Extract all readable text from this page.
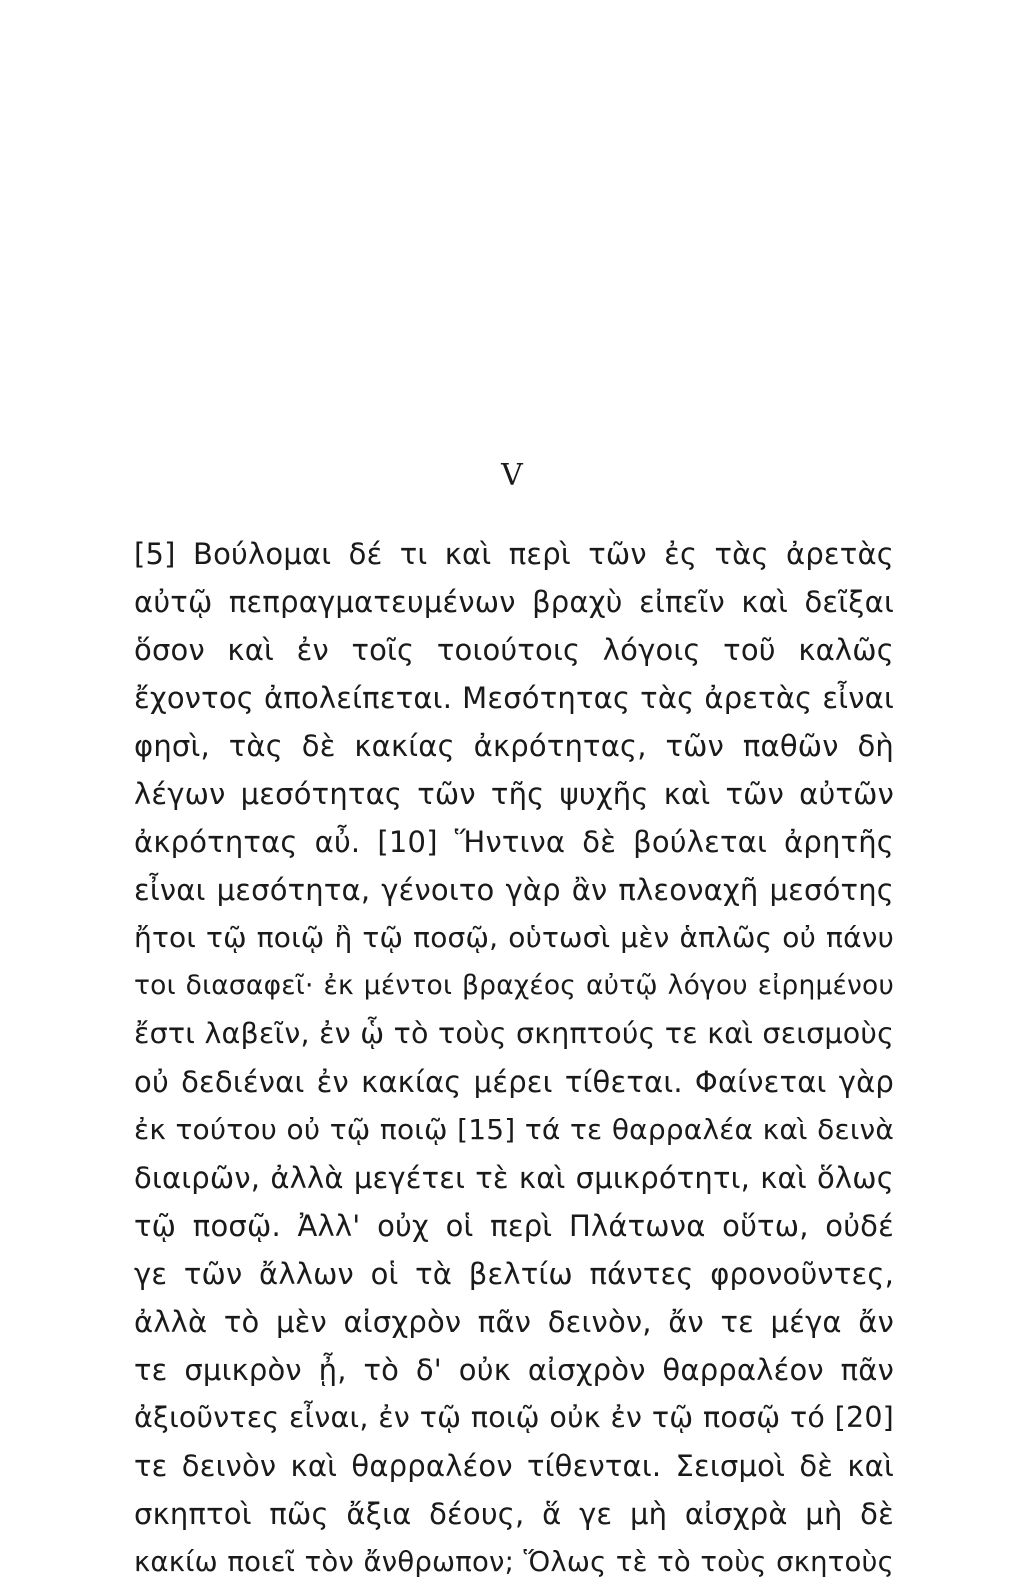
V
[5] Βούλομαι δέ τι καὶ περὶ τῶν ἐς τὰς ἀρετὰς
αὐτῷ πεπραγματευμένων βραχὺ εἰπεῖν καὶ δεῖξαι
ὅσον καὶ ἐν τοῖς τοιούτοις λόγοις τοῦ καλῶς
ἔχοντος ἀπολείπεται. Μεσότητας τὰς ἀρετὰς εἶναι
φησὶ, τὰς δὲ κακίας ἀκρότητας, τῶν παθῶν δὴ
λέγων μεσότητας τῶν τῆς ψυχῆς καὶ τῶν αὐτῶν
ἀκρότητας αὖ. [10] Ἥντινα δὲ βούλεται ἀρητῆς
εἶναι μεσότητα, γένοιτο γὰρ ἂν πλεοναχῆ μεσότης
ἤτοι τῷ ποιῷ ἢ τῷ ποσῷ, οὑτωσὶ μὲν ἁπλῶς οὐ πάνυ
τοι διασαφεῖ· ἐκ μέντοι βραχέος αὐτῷ λόγου εἰρημένου
ἔστι λαβεῖν, ἐν ᾧ τὸ τοὺς σκηπτούς τε καὶ σεισμοὺς
οὐ δεδιέναι ἐν κακίας μέρει τίθεται. Φαίνεται γὰρ
ἐκ τούτου οὐ τῷ ποιῷ [15] τά τε θαρραλέα καὶ δεινὰ
διαιρῶν, ἀλλὰ μεγέτει τὲ καὶ σμικρότητι, καὶ ὅλως
τῷ ποσῷ. Ἀλλ' οὐχ οἱ περὶ Πλάτωνα οὕτω, οὐδέ
γε τῶν ἄλλων οἱ τὰ βελτίω πάντες φρονοῦντες,
ἀλλὰ τὸ μὲν αἰσχρὸν πᾶν δεινὸν, ἄν τε μέγα ἄν
τε σμικρὸν ᾖ, τὸ δ' οὐκ αἰσχρὸν θαρραλέον πᾶν
ἀξιοῦντες εἶναι, ἐν τῷ ποιῷ οὐκ ἐν τῷ ποσῷ τό [20]
τε δεινὸν καὶ θαρραλέον τίθενται. Σεισμοὶ δὲ καὶ
σκηπτοὶ πῶς ἄξια δέους, ἅ γε μὴ αἰσχρὰ μὴ δὲ
κακίω ποιεῖ τὸν ἄνθρωπον; Ὅλως τὲ τὸ τοὺς σκητοὺς
